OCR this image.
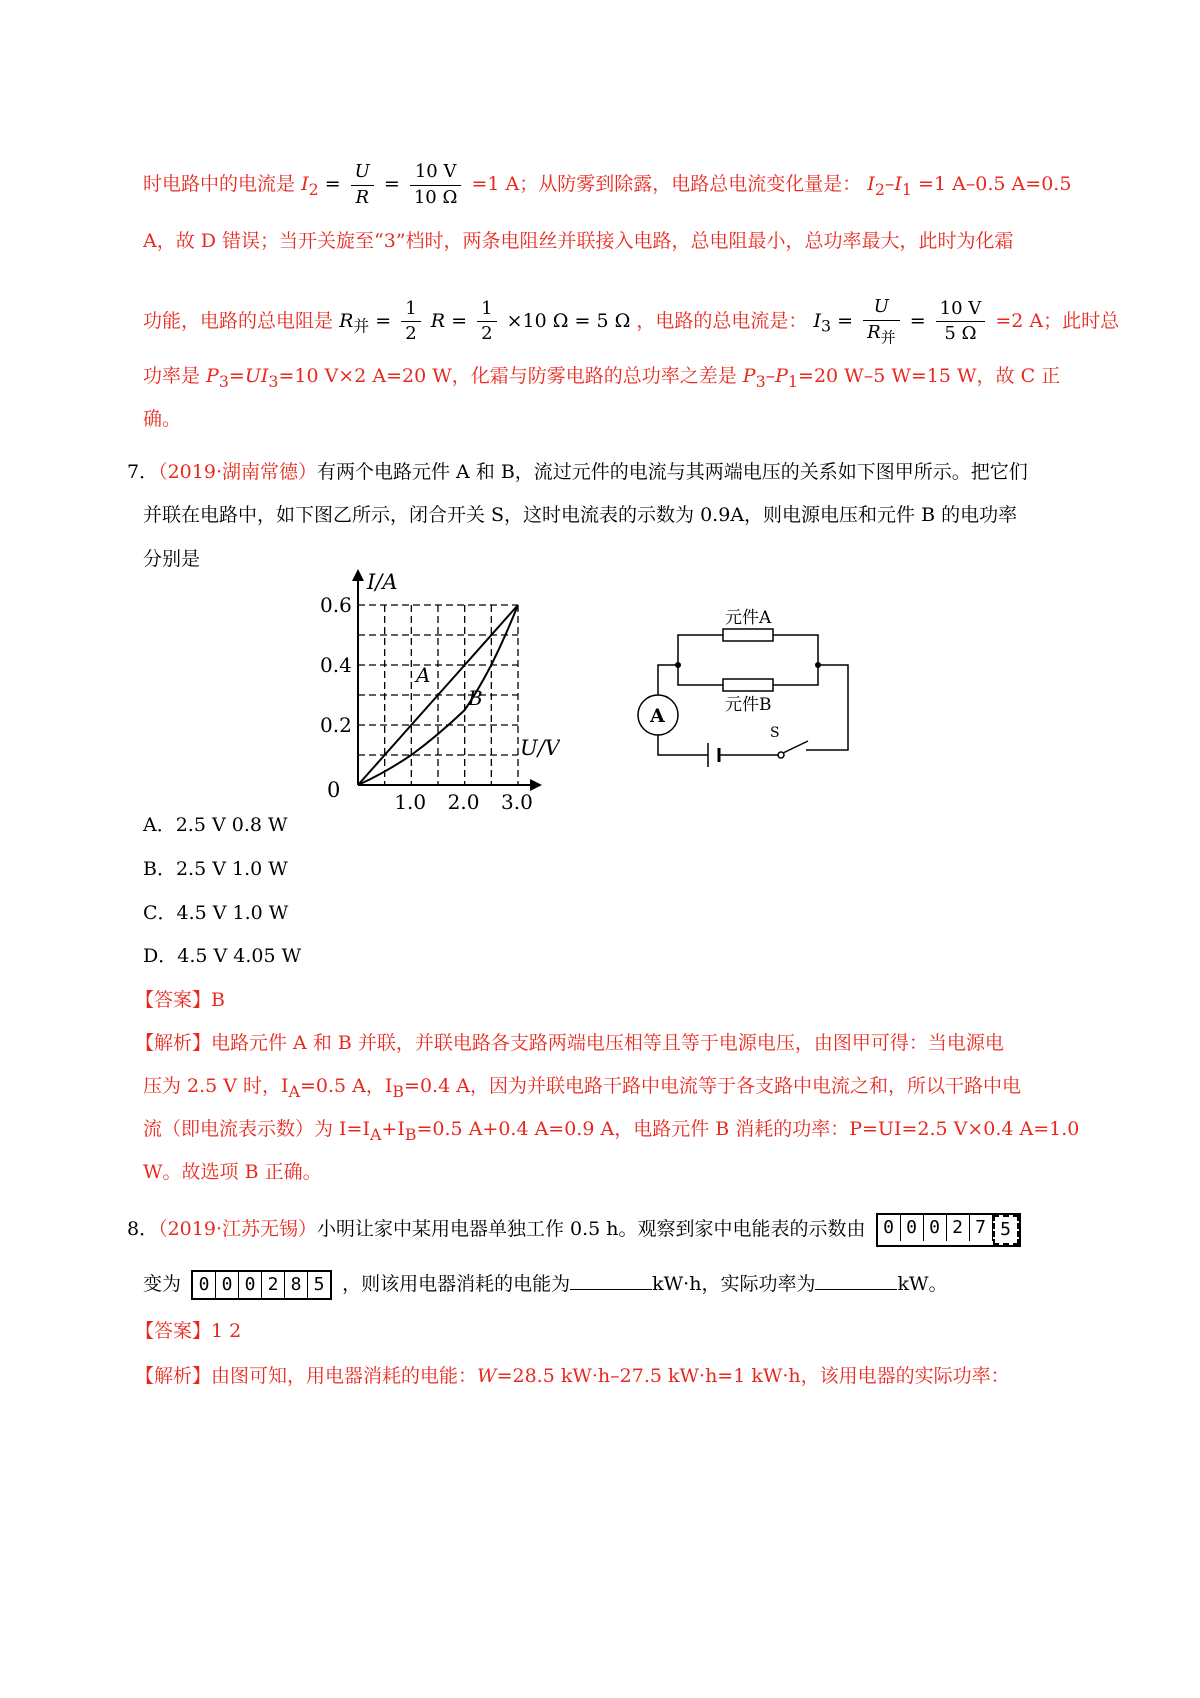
时电路中的电流是 $I_2 = \frac{U}{R} = \frac{10 V}{10 \Omega} =1$ A；从防雾到除露，电路总电流变化量是： $I_2-I_1 =1$ A–0.5 A=0.5
A，故 D 错误；当开关旋至“3”档时，两条电阻丝并联接入电路，总电阻最小，总功率最大，此时为化霜
功能，电路的总电阻是 $R_并 = \frac{1}{2}$ $R = \frac{1}{2} \times 10$ Ω = 5 Ω ，电路的总电流是： $I_3 = \frac{U}{R_并} = \frac{10 V}{5 \Omega} =2$ A；此时总
功率是 $P_3=UI_3=10$ V×2 A=20 W，化霜与防雾电路的总功率之差是 $P_3-P_1=20$ W–5 W=15 W，故 C 正
确。
7．（2019·湖南常德）有两个电路元件 A 和 B，流过元件的电流与其两端电压的关系如下图甲所示。把它们
并联在电路中，如下图乙所示，闭合开关 S，这时电流表的示数为 0.9A，则电源电压和元件 B 的电功率
分别是
I/A
U/V
0
0.2
0.4
0.6
1.0 2.0 3.0
A
B
元件A
元件B
A
S
A．2.5 V 0.8 W
B．2.5 V 1.0 W
C．4.5 V 1.0 W
D．4.5 V 4.05 W
【答案】B
【解析】电路元件 A 和 B 并联，并联电路各支路两端电压相等且等于电源电压，由图甲可得：当电源电
压为 2.5 V 时，$I_A=0.5$ A，$I_B=0.4$ A，因为并联电路干路中电流等于各支路中电流之和，所以干路中电
流（即电流表示数）为 $I=I_A+I_B=0.5$ A+0.4 A=0.9 A，电路元件 B 消耗的功率：P=UI=2.5 V×0.4 A=1.0
W。故选项 B 正确。
8．（2019·江苏无锡）小明让家中某用电器单独工作 0.5 h。观察到家中电能表的示数由 0 0 0 2 7 5
变为 0 0 0 2 8 5 ，则该用电器消耗的电能为	kW·h，实际功率为	kW。
【答案】1 2
【解析】由图可知，用电器消耗的电能：W=28.5 kW·h–27.5 kW·h=1 kW·h，该用电器的实际功率：
